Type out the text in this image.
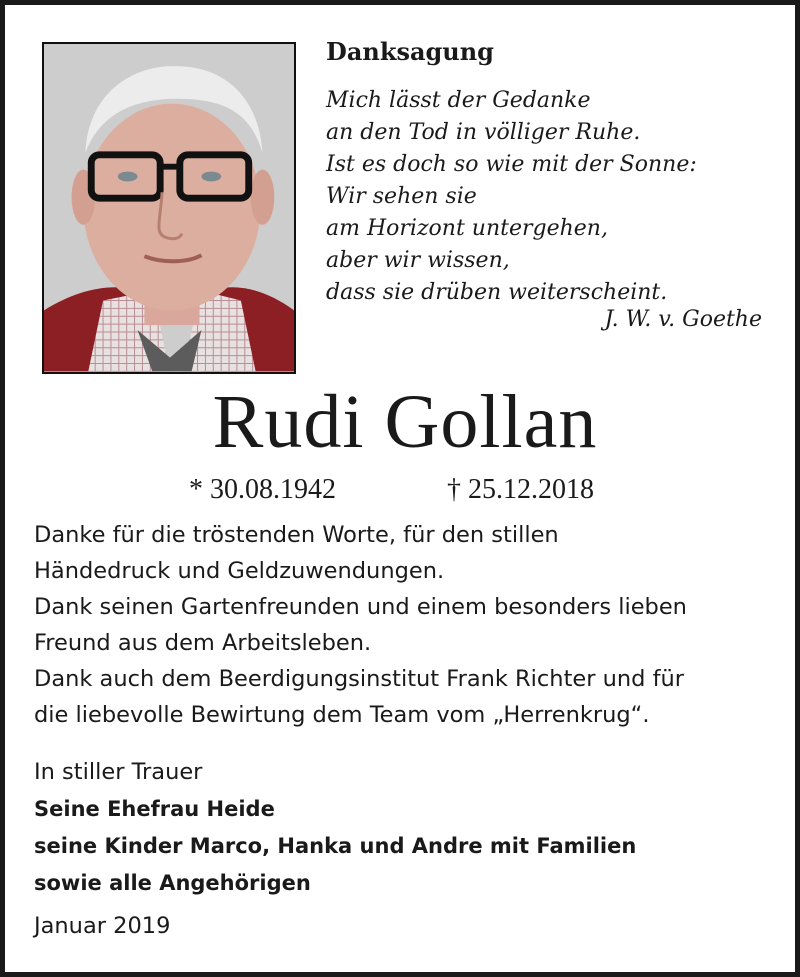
Danksagung
Mich lässt der Gedanke
an den Tod in völliger Ruhe.
Ist es doch so wie mit der Sonne:
Wir sehen sie
am Horizont untergehen,
aber wir wissen,
dass sie drüben weiterscheint.
J. W. v. Goethe
Rudi Gollan
* 30.08.1942	† 25.12.2018
Danke für die tröstenden Worte, für den stillen
Händedruck und Geldzuwendungen.
Dank seinen Gartenfreunden und einem besonders lieben
Freund aus dem Arbeitsleben.
Dank auch dem Beerdigungsinstitut Frank Richter und für
die liebevolle Bewirtung dem Team vom „Herrenkrug“.
In stiller Trauer
Seine Ehefrau Heide
seine Kinder Marco, Hanka und Andre mit Familien
sowie alle Angehörigen
Januar 2019
